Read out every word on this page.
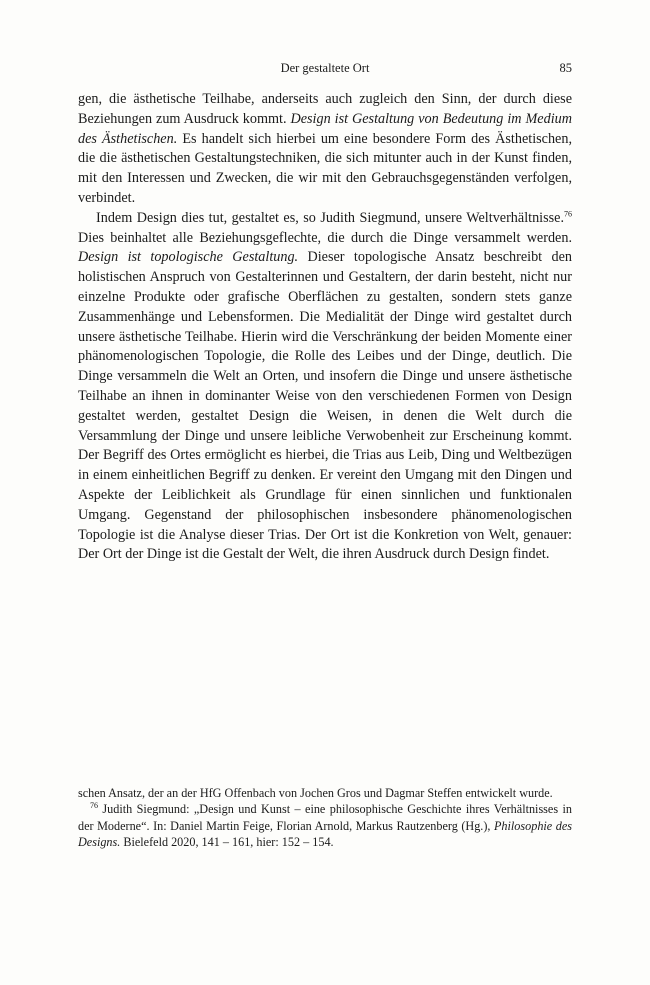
Der gestaltete Ort	85

gen, die ästhetische Teilhabe, anderseits auch zugleich den Sinn, der durch diese Beziehungen zum Ausdruck kommt. Design ist Gestaltung von Bedeutung im Medium des Ästhetischen. Es handelt sich hierbei um eine besondere Form des Ästhetischen, die die ästhetischen Gestaltungstechniken, die sich mitunter auch in der Kunst finden, mit den Interessen und Zwecken, die wir mit den Gebrauchsgegenständen verfolgen, verbindet.

Indem Design dies tut, gestaltet es, so Judith Siegmund, unsere Weltverhältnisse.$^{76}$ Dies beinhaltet alle Beziehungsgeflechte, die durch die Dinge versammelt werden. Design ist topologische Gestaltung. Dieser topologische Ansatz beschreibt den holistischen Anspruch von Gestalterinnen und Gestaltern, der darin besteht, nicht nur einzelne Produkte oder grafische Oberflächen zu gestalten, sondern stets ganze Zusammenhänge und Lebensformen. Die Medialität der Dinge wird gestaltet durch unsere ästhetische Teilhabe. Hierin wird die Verschränkung der beiden Momente einer phänomenologischen Topologie, die Rolle des Leibes und der Dinge, deutlich. Die Dinge versammeln die Welt an Orten, und insofern die Dinge und unsere ästhetische Teilhabe an ihnen in dominanter Weise von den verschiedenen Formen von Design gestaltet werden, gestaltet Design die Weisen, in denen die Welt durch die Versammlung der Dinge und unsere leibliche Verwobenheit zur Erscheinung kommt. Der Begriff des Ortes ermöglicht es hierbei, die Trias aus Leib, Ding und Weltbezügen in einem einheitlichen Begriff zu denken. Er vereint den Umgang mit den Dingen und Aspekte der Leiblichkeit als Grundlage für einen sinnlichen und funktionalen Umgang. Gegenstand der philosophischen insbesondere phänomenologischen Topologie ist die Analyse dieser Trias. Der Ort ist die Konkretion von Welt, genauer: Der Ort der Dinge ist die Gestalt der Welt, die ihren Ausdruck durch Design findet.

schen Ansatz, der an der HfG Offenbach von Jochen Gros und Dagmar Steffen entwickelt wurde.

$^{76}$ Judith Siegmund: „Design und Kunst – eine philosophische Geschichte ihres Verhältnisses in der Moderne“. In: Daniel Martin Feige, Florian Arnold, Markus Rautzenberg (Hg.), Philosophie des Designs. Bielefeld 2020, 141 – 161, hier: 152 – 154.
